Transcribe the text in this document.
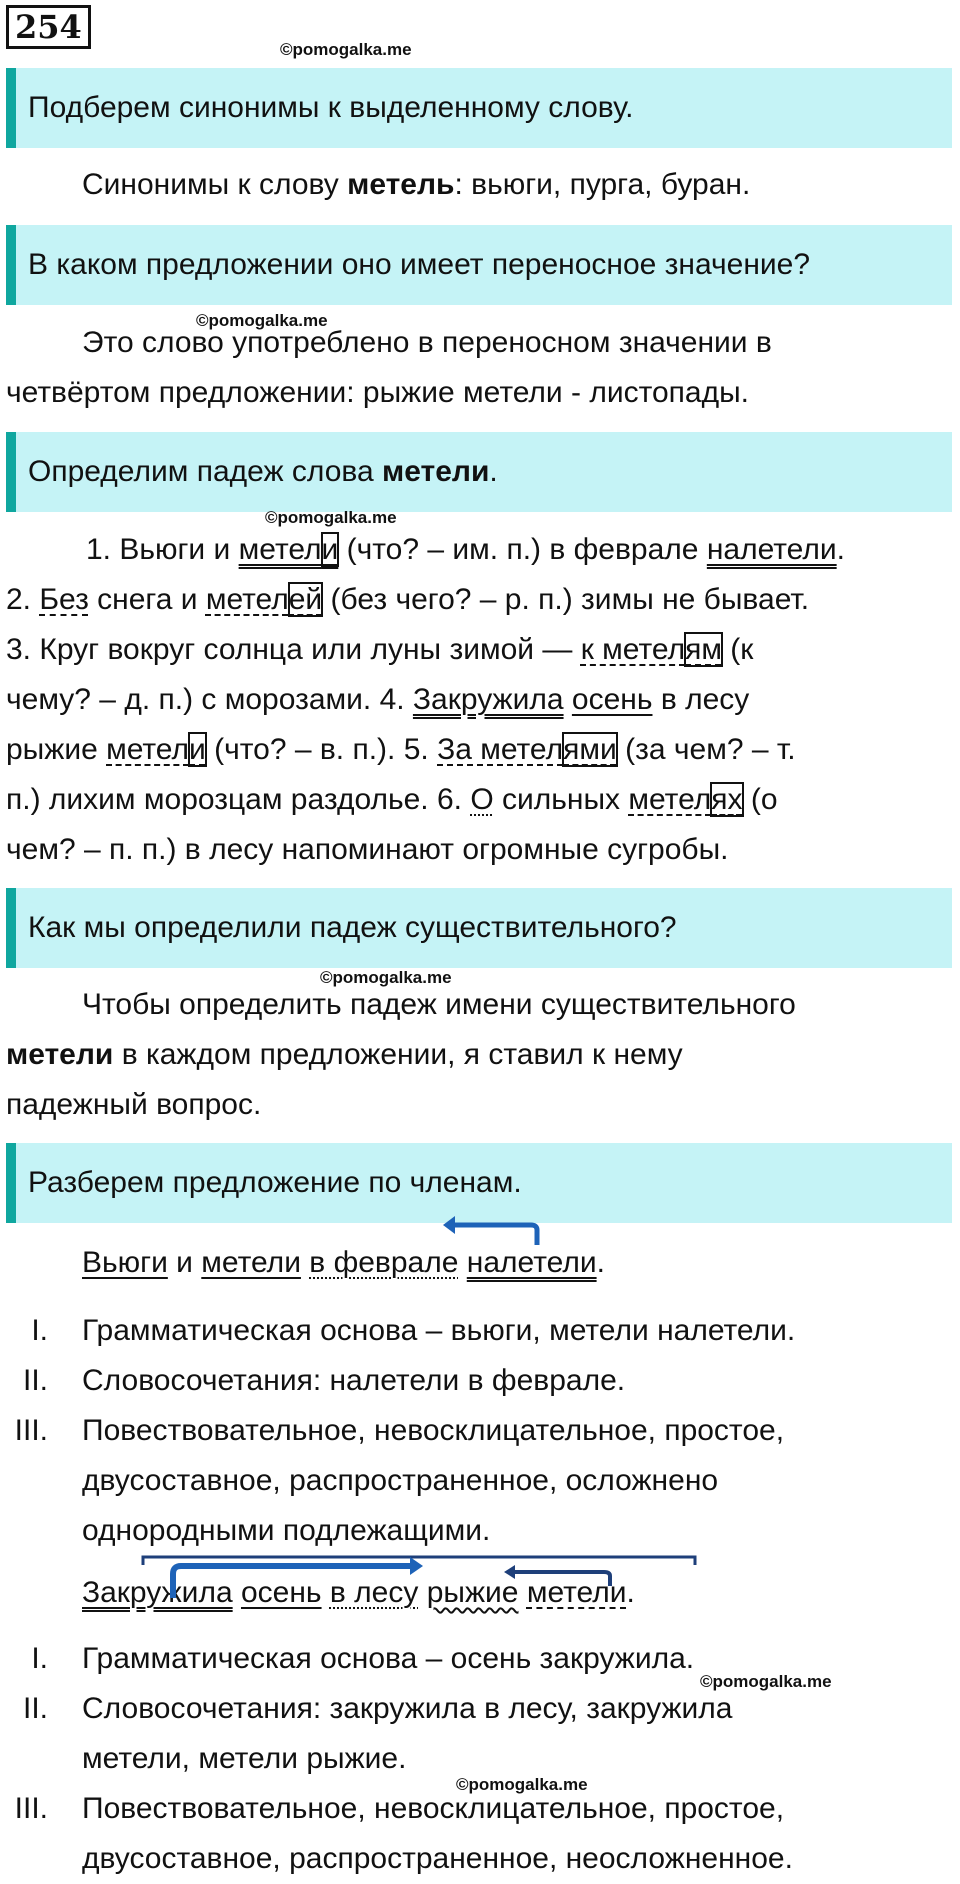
254
©pomogalka.me
Подберем синонимы к выделенному слову.
Синонимы к слову метель: вьюги, пурга, буран.
В каком предложении оно имеет переносное значение?
©pomogalka.me
Это слово употреблено в переносном значении в
четвёртом предложении: рыжие метели - листопады.
Определим падеж слова метели.
©pomogalka.me
1. Вьюги и метели (что? – им. п.) в феврале налетели.
2. Без снега и метелей (без чего? – р. п.) зимы не бывает.
3. Круг вокруг солнца или луны зимой — к метелям (к
чему? – д. п.) с морозами. 4. Закружила осень в лесу
рыжие метели (что? – в. п.). 5. За метелями (за чем? – т.
п.) лихим морозцам раздолье. 6. О сильных метелях (о
чем? – п. п.) в лесу напоминают огромные сугробы.
Как мы определили падеж существительного?
©pomogalka.me
Чтобы определить падеж имени существительного
метели в каждом предложении, я ставил к нему
падежный вопрос.
Разберем предложение по членам.
Вьюги и метели в феврале налетели.
I. Грамматическая основа – вьюги, метели налетели.
II. Словосочетания: налетели в феврале.
III. Повествовательное, невосклицательное, простое,
двусоставное, распространенное, осложнено
однородными подлежащими.
Закружила осень в лесу рыжие метели.
I. Грамматическая основа – осень закружила.
II. Словосочетания: закружила в лесу, закружила
метели, метели рыжие.
III. Повествовательное, невосклицательное, простое,
двусоставное, распространенное, неосложненное.
©pomogalka.me
©pomogalka.me
